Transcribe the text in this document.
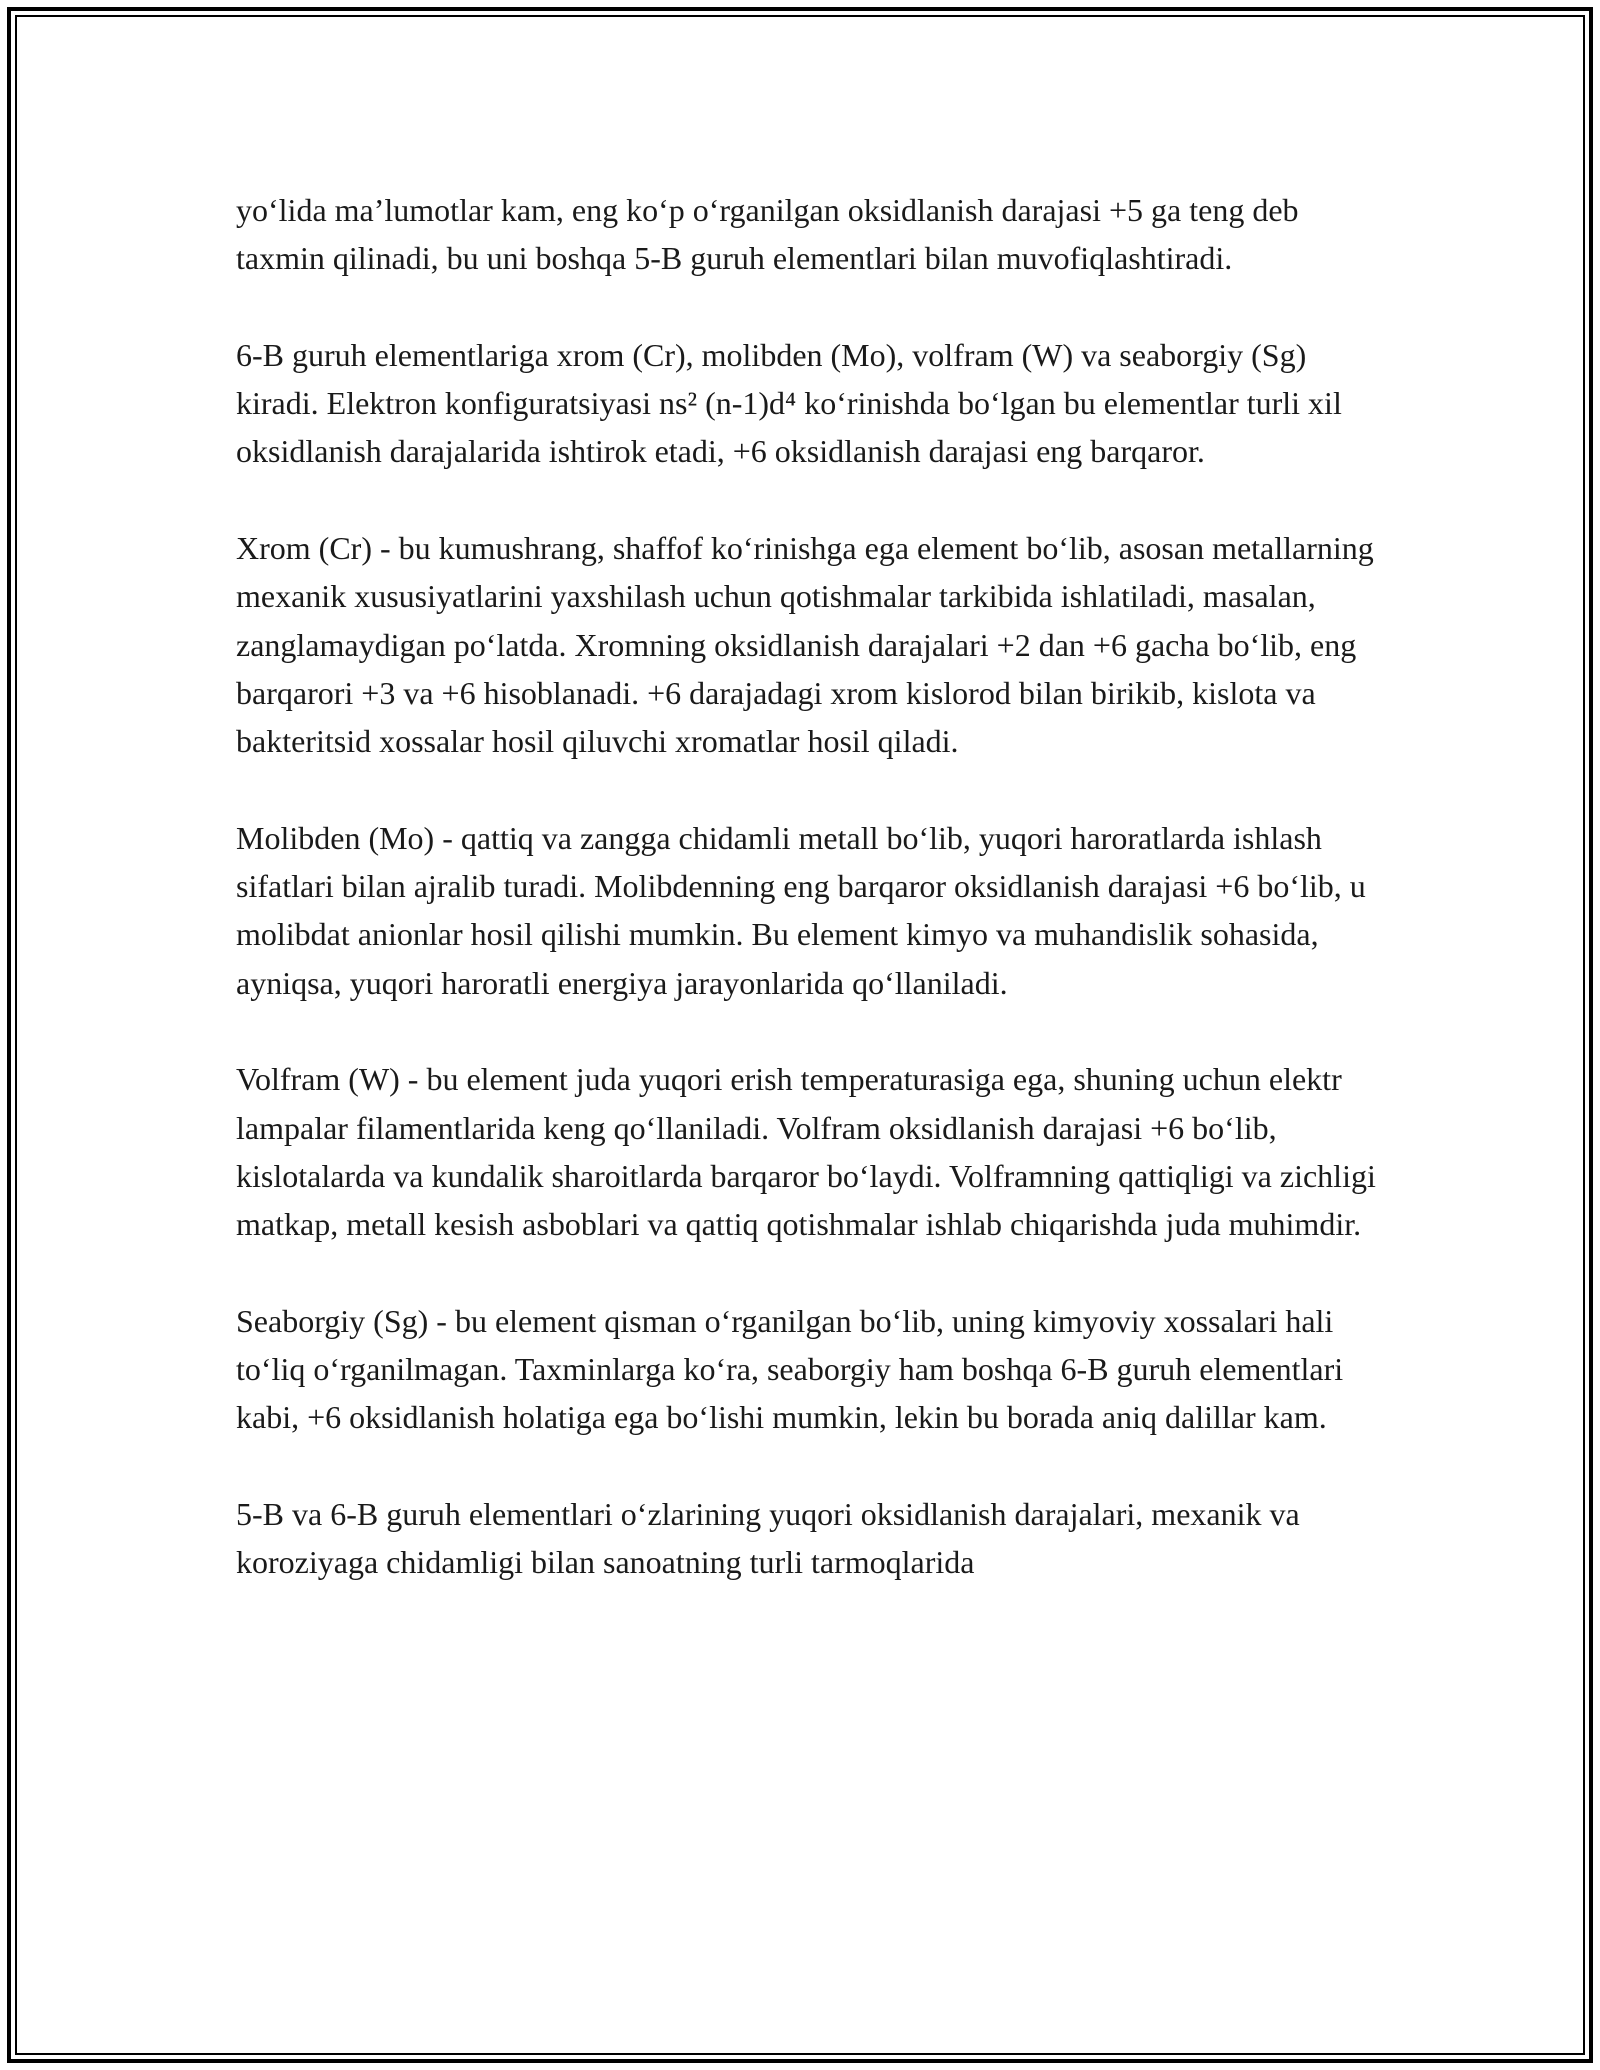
yo‘lida ma’lumotlar kam, eng ko‘p o‘rganilgan oksidlanish darajasi +5 ga teng deb taxmin qilinadi, bu uni boshqa 5-B guruh elementlari bilan muvofiqlashtiradi.

6-B guruh elementlariga xrom (Cr), molibden (Mo), volfram (W) va seaborgiy (Sg) kiradi. Elektron konfiguratsiyasi ns² (n-1)d⁴ ko‘rinishda bo‘lgan bu elementlar turli xil oksidlanish darajalarida ishtirok etadi, +6 oksidlanish darajasi eng barqaror.

Xrom (Cr) - bu kumushrang, shaffof ko‘rinishga ega element bo‘lib, asosan metallarning mexanik xususiyatlarini yaxshilash uchun qotishmalar tarkibida ishlatiladi, masalan, zanglamaydigan po‘latda. Xromning oksidlanish darajalari +2 dan +6 gacha bo‘lib, eng barqarori +3 va +6 hisoblanadi. +6 darajadagi xrom kislorod bilan birikib, kislota va bakteritsid xossalar hosil qiluvchi xromatlar hosil qiladi.

Molibden (Mo) - qattiq va zangga chidamli metall bo‘lib, yuqori haroratlarda ishlash sifatlari bilan ajralib turadi. Molibdenning eng barqaror oksidlanish darajasi +6 bo‘lib, u molibdat anionlar hosil qilishi mumkin. Bu element kimyo va muhandislik sohasida, ayniqsa, yuqori haroratli energiya jarayonlarida qo‘llaniladi.

Volfram (W) - bu element juda yuqori erish temperaturasiga ega, shuning uchun elektr lampalar filamentlarida keng qo‘llaniladi. Volfram oksidlanish darajasi +6 bo‘lib, kislotalarda va kundalik sharoitlarda barqaror bo‘laydi. Volframning qattiqligi va zichligi matkap, metall kesish asboblari va qattiq qotishmalar ishlab chiqarishda juda muhimdir.

Seaborgiy (Sg) - bu element qisman o‘rganilgan bo‘lib, uning kimyoviy xossalari hali to‘liq o‘rganilmagan. Taxminlarga ko‘ra, seaborgiy ham boshqa 6-B guruh elementlari kabi, +6 oksidlanish holatiga ega bo‘lishi mumkin, lekin bu borada aniq dalillar kam.

5-B va 6-B guruh elementlari o‘zlarining yuqori oksidlanish darajalari, mexanik va koroziyaga chidamligi bilan sanoatning turli tarmoqlarida
